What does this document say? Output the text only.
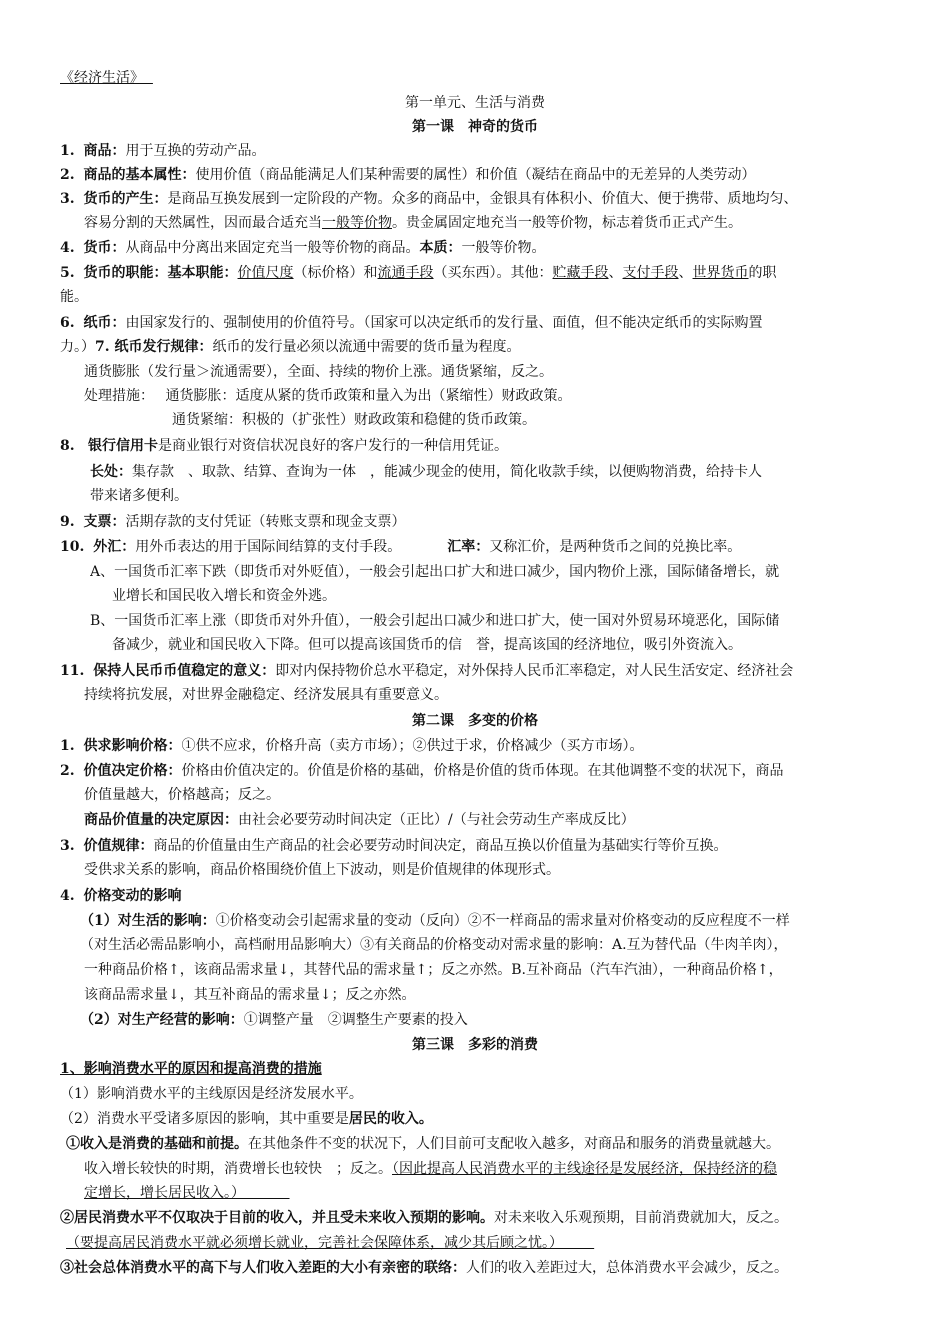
《经济生活》
第一单元、生活与消费
第一课　神奇的货币
1. 商品：用于互换的劳动产品。
2. 商品的基本属性：使用价值（商品能满足人们某种需要的属性）和价值（凝结在商品中的无差异的人类劳动）
3. 货币的产生：是商品互换发展到一定阶段的产物。众多的商品中，金银具有体积小、价值大、便于携带、质地均匀、
容易分割的天然属性，因而最合适充当一般等价物。贵金属固定地充当一般等价物，标志着货币正式产生。
4. 货币：从商品中分离出来固定充当一般等价物的商品。本质：一般等价物。
5. 货币的职能：基本职能：价值尺度（标价格）和流通手段（买东西）。其他：贮藏手段、支付手段、世界货币的职
能。
6. 纸币：由国家发行的、强制使用的价值符号。（国家可以决定纸币的发行量、面值，但不能决定纸币的实际购置
力。）7. 纸币发行规律：纸币的发行量必须以流通中需要的货币量为程度。
通货膨胀（发行量＞流通需要），全面、持续的物价上涨。通货紧缩，反之。
处理措施：　 通货膨胀：适度从紧的货币政策和量入为出（紧缩性）财政政策。
通货紧缩：积极的（扩张性）财政政策和稳健的货币政策。
8. 银行信用卡是商业银行对资信状况良好的客户发行的一种信用凭证。
长处：集存款　、取款、结算、查询为一体　，能减少现金的使用，简化收款手续，以便购物消费，给持卡人
带来诸多便利。
9. 支票：活期存款的支付凭证（转账支票和现金支票）
10. 外汇：用外币表达的用于国际间结算的支付手段。	汇率：又称汇价，是两种货币之间的兑换比率。
A、一国货币汇率下跌（即货币对外贬值），一般会引起出口扩大和进口减少，国内物价上涨，国际储备增长，就
业增长和国民收入增长和资金外逃。
B、一国货币汇率上涨（即货币对外升值），一般会引起出口减少和进口扩大，使一国对外贸易环境恶化，国际储
备减少，就业和国民收入下降。但可以提高该国货币的信　誉，提高该国的经济地位，吸引外资流入。
11. 保持人民币币值稳定的意义：即对内保持物价总水平稳定，对外保持人民币汇率稳定，对人民生活安定、经济社会
持续将抗发展，对世界金融稳定、经济发展具有重要意义。
第二课　多变的价格
1. 供求影响价格：①供不应求，价格升高（卖方市场）；②供过于求，价格减少（买方市场）。
2. 价值决定价格：价格由价值决定的。价值是价格的基础，价格是价值的货币体现。在其他调整不变的状况下，商品
价值量越大，价格越高；反之。
商品价值量的决定原因：由社会必要劳动时间决定（正比）/（与社会劳动生产率成反比）
3. 价值规律：商品的价值量由生产商品的社会必要劳动时间决定，商品互换以价值量为基础实行等价互换。
受供求关系的影响，商品价格围绕价值上下波动，则是价值规律的体现形式。
4. 价格变动的影响
（1）对生活的影响：①价格变动会引起需求量的变动（反向）②不一样商品的需求量对价格变动的反应程度不一样
（对生活必需品影响小，高档耐用品影响大）③有关商品的价格变动对需求量的影响：A.互为替代品（牛肉羊肉），
一种商品价格↑，该商品需求量↓，其替代品的需求量↑；反之亦然。B.互补商品（汽车汽油），一种商品价格↑，
该商品需求量↓，其互补商品的需求量↓；反之亦然。
（2）对生产经营的影响：①调整产量　②调整生产要素的投入
第三课　多彩的消费
1、影响消费水平的原因和提高消费的措施
（1）影响消费水平的主线原因是经济发展水平。
（2）消费水平受诸多原因的影响，其中重要是居民的收入。
①收入是消费的基础和前提。在其他条件不变的状况下，人们目前可支配收入越多，对商品和服务的消费量就越大。
收入增长较快的时期，消费增长也较快　；反之。（因此提高人民消费水平的主线途径是发展经济，保持经济的稳
定增长，增长居民收入。）
②居民消费水平不仅取决于目前的收入，并且受未来收入预期的影响。对未来收入乐观预期，目前消费就加大，反之。
（要提高居民消费水平就必须增长就业，完善社会保障体系，减少其后顾之忧。）
③社会总体消费水平的高下与人们收入差距的大小有亲密的联络：人们的收入差距过大，总体消费水平会减少，反之。
